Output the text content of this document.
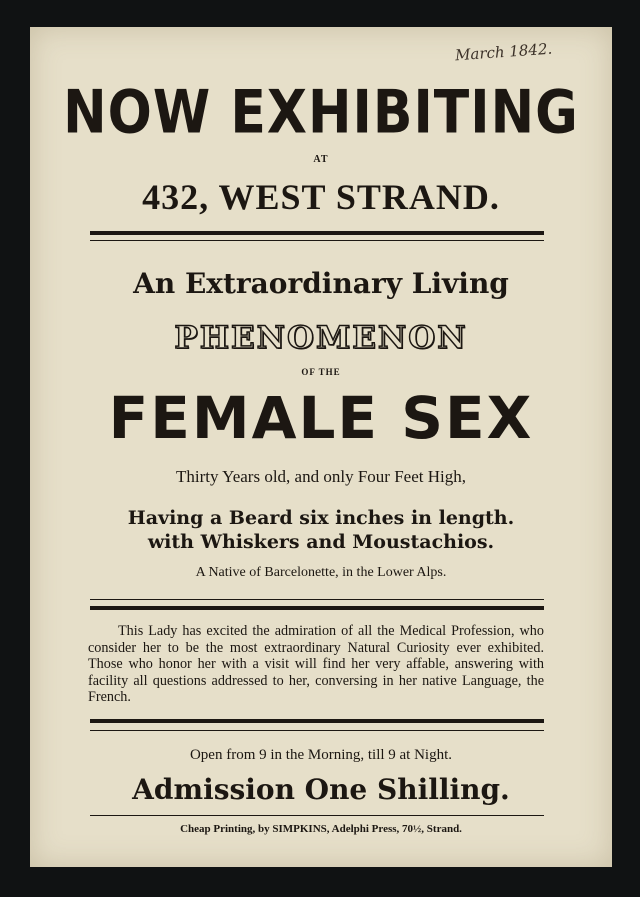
March 1842.
NOW EXHIBITING
AT
432, WEST STRAND.
An Extraordinary Living
PHENOMENON
OF THE
FEMALE SEX
Thirty Years old, and only Four Feet High,
Having a Beard six inches in length.
with Whiskers and Moustachios.
A Native of Barcelonette, in the Lower Alps.
This Lady has excited the admiration of all the Medical Profession, who consider her to be the most extraordinary Natural Curiosity ever exhibited. Those who honor her with a visit will find her very affable, answering with facility all questions addressed to her, conversing in her native Language, the French.
Open from 9 in the Morning, till 9 at Night.
Admission One Shilling.
Cheap Printing, by SIMPKINS, Adelphi Press, 70½, Strand.
